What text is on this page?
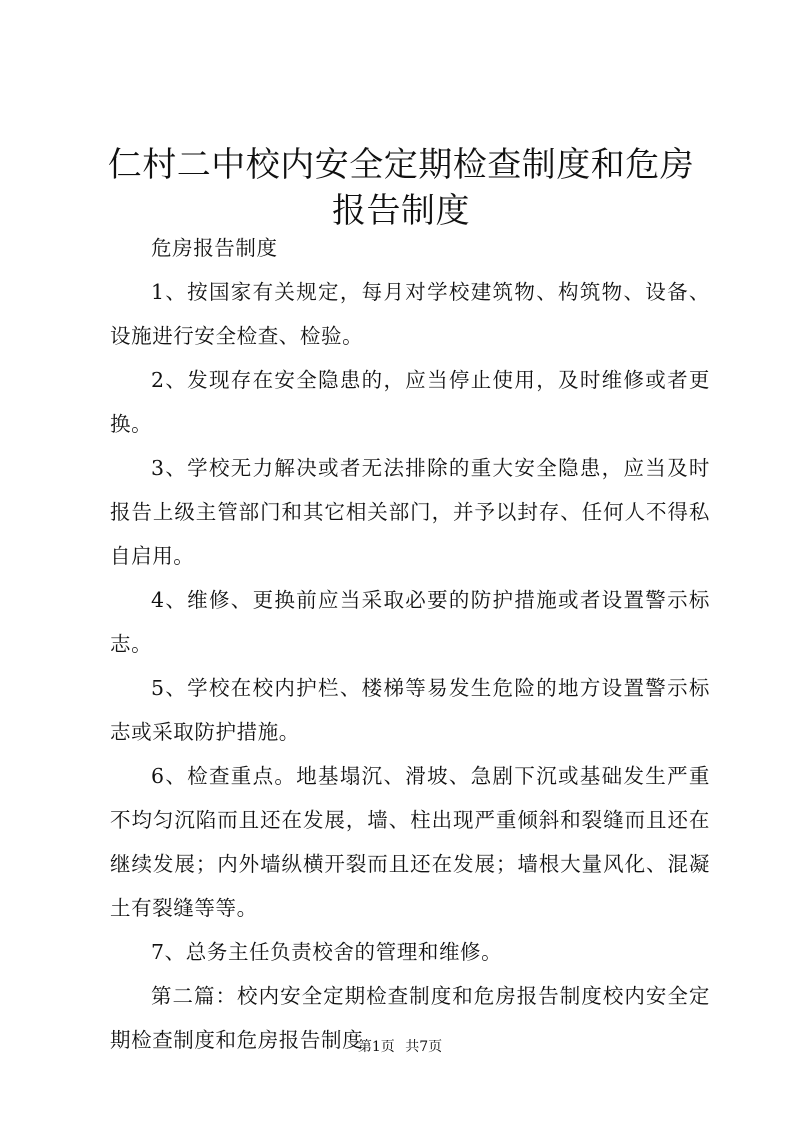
仁村二中校内安全定期检查制度和危房报告制度

危房报告制度

1、按国家有关规定，每月对学校建筑物、构筑物、设备、设施进行安全检查、检验。

2、发现存在安全隐患的，应当停止使用，及时维修或者更换。

3、学校无力解决或者无法排除的重大安全隐患，应当及时报告上级主管部门和其它相关部门，并予以封存、任何人不得私自启用。

4、维修、更换前应当采取必要的防护措施或者设置警示标志。

5、学校在校内护栏、楼梯等易发生危险的地方设置警示标志或采取防护措施。

6、检查重点。地基塌沉、滑坡、急剧下沉或基础发生严重不均匀沉陷而且还在发展，墙、柱出现严重倾斜和裂缝而且还在继续发展；内外墙纵横开裂而且还在发展；墙根大量风化、混凝土有裂缝等等。

7、总务主任负责校舍的管理和维修。

第二篇：校内安全定期检查制度和危房报告制度校内安全定期检查制度和危房报告制度

第1页 共7页
